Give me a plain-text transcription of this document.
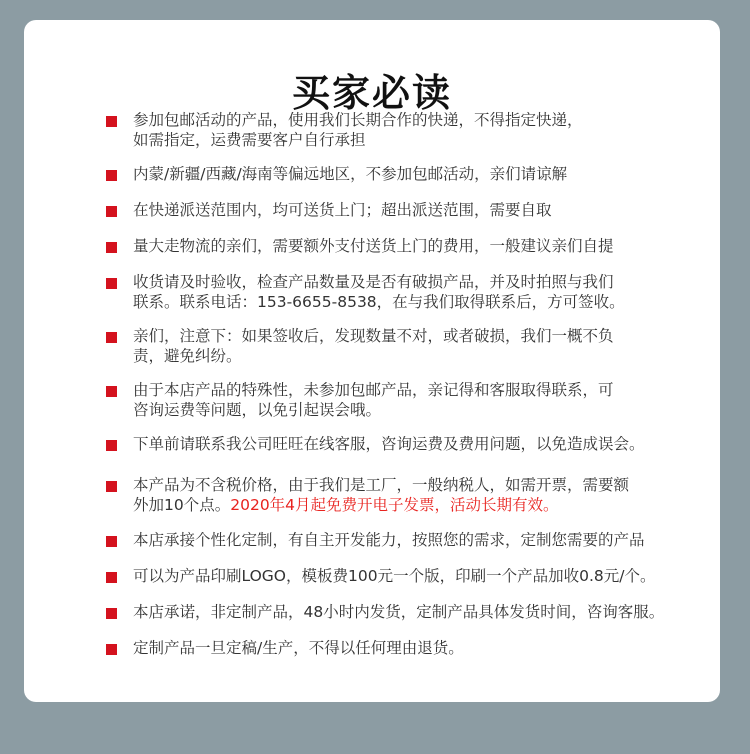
买家必读
参加包邮活动的产品，使用我们长期合作的快递，不得指定快递，
如需指定，运费需要客户自行承担
内蒙/新疆/西藏/海南等偏远地区，不参加包邮活动，亲们请谅解
在快递派送范围内，均可送货上门；超出派送范围，需要自取
量大走物流的亲们，需要额外支付送货上门的费用，一般建议亲们自提
收货请及时验收，检查产品数量及是否有破损产品，并及时拍照与我们
联系。联系电话：153-6655-8538，在与我们取得联系后，方可签收。
亲们，注意下：如果签收后，发现数量不对，或者破损，我们一概不负
责，避免纠纷。
由于本店产品的特殊性，未参加包邮产品，亲记得和客服取得联系，可
咨询运费等问题，以免引起误会哦。
下单前请联系我公司旺旺在线客服，咨询运费及费用问题，以免造成误会。
本产品为不含税价格，由于我们是工厂，一般纳税人，如需开票，需要额
外加10个点。2020年4月起免费开电子发票，活动长期有效。
本店承接个性化定制，有自主开发能力，按照您的需求，定制您需要的产品
可以为产品印刷LOGO，模板费100元一个版，印刷一个产品加收0.8元/个。
本店承诺，非定制产品，48小时内发货，定制产品具体发货时间，咨询客服。
定制产品一旦定稿/生产，不得以任何理由退货。
